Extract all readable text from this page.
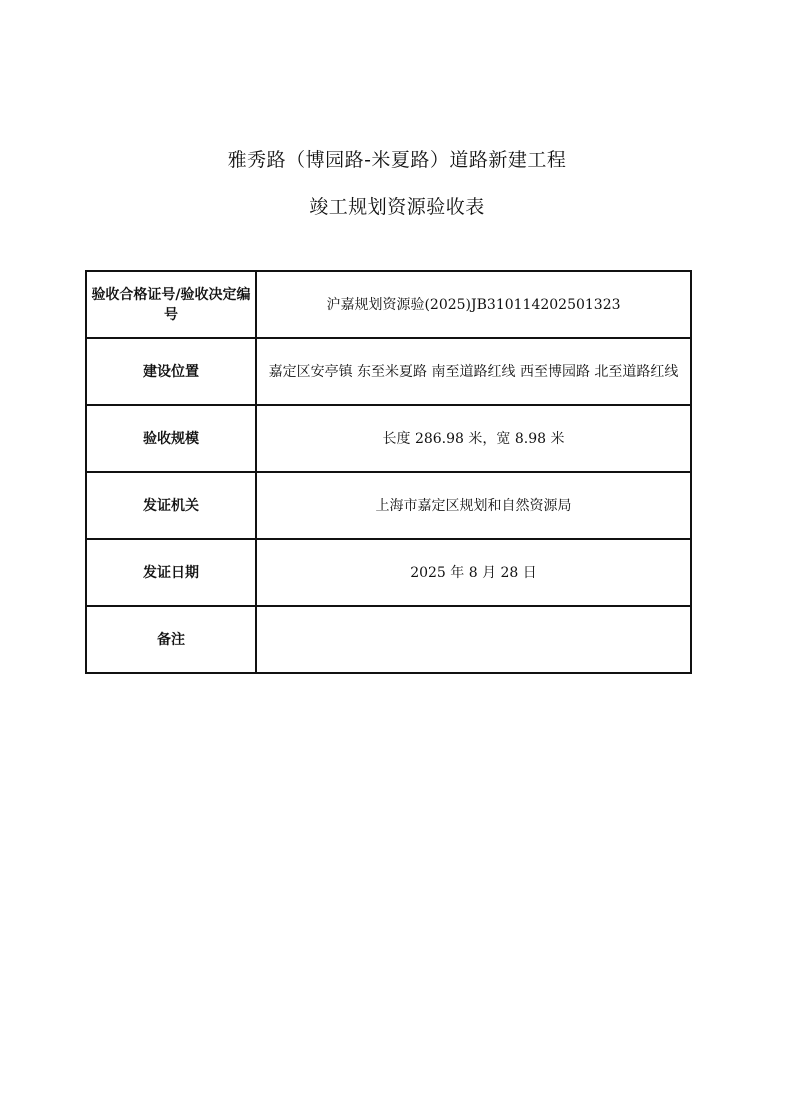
雅秀路（博园路-米夏路）道路新建工程
竣工规划资源验收表
验收合格证号/验收决定编号	沪嘉规划资源验(2025)JB310114202501323
建设位置	嘉定区安亭镇 东至米夏路 南至道路红线 西至博园路 北至道路红线
验收规模	长度 286.98 米，宽 8.98 米
发证机关	上海市嘉定区规划和自然资源局
发证日期	2025 年 8 月 28 日
备注	
